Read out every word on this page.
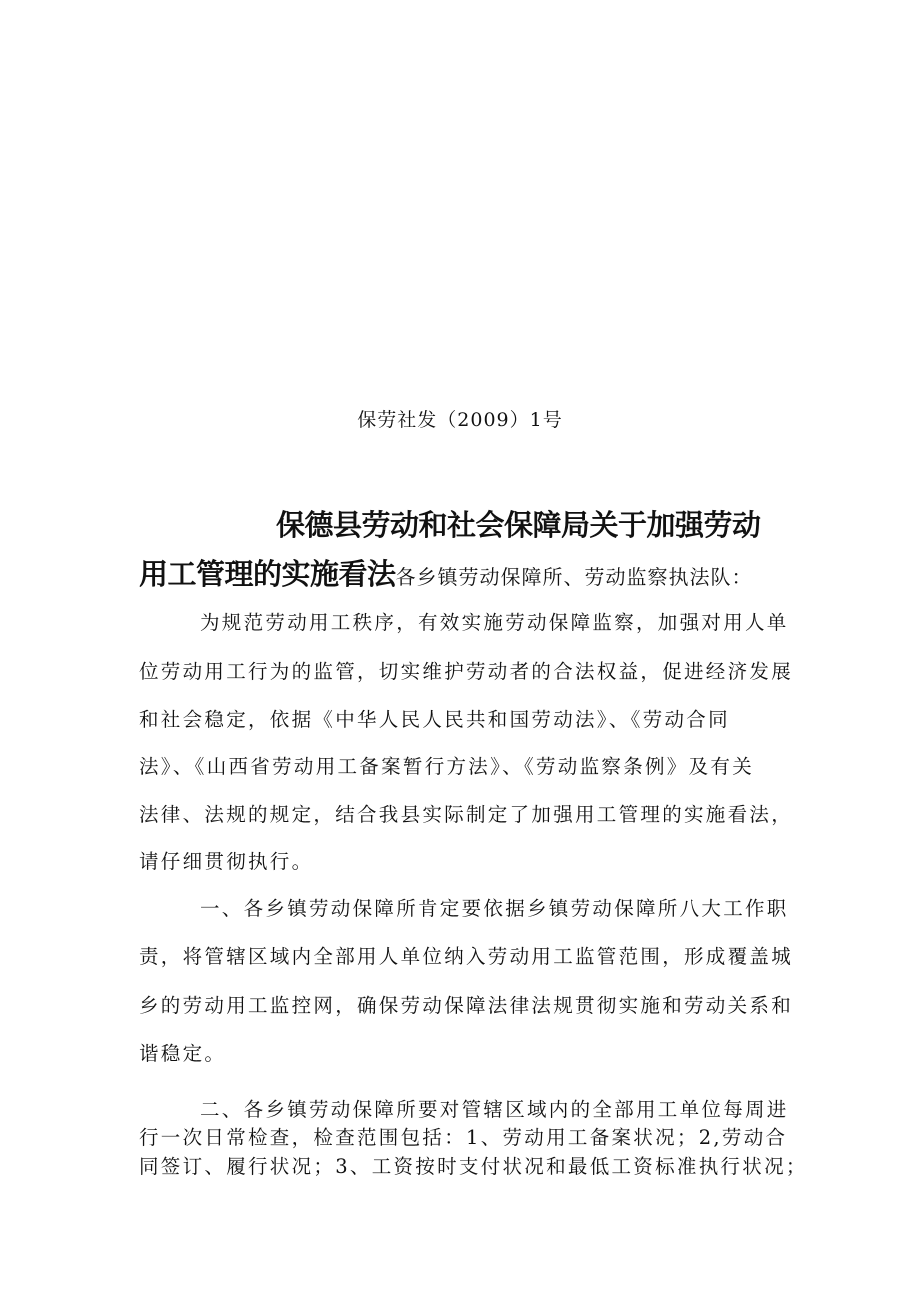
保劳社发（2009）1号
保德县劳动和社会保障局关于加强劳动
用工管理的实施看法各乡镇劳动保障所、劳动监察执法队：
为规范劳动用工秩序，有效实施劳动保障监察，加强对用人单
位劳动用工行为的监管，切实维护劳动者的合法权益，促进经济发展
和社会稳定，依据《中华人民人民共和国劳动法》、《劳动合同
法》、《山西省劳动用工备案暂行方法》、《劳动监察条例》及有关
法律、法规的规定，结合我县实际制定了加强用工管理的实施看法，
请仔细贯彻执行。
一、各乡镇劳动保障所肯定要依据乡镇劳动保障所八大工作职
责，将管辖区域内全部用人单位纳入劳动用工监管范围，形成覆盖城
乡的劳动用工监控网，确保劳动保障法律法规贯彻实施和劳动关系和
谐稳定。
二、各乡镇劳动保障所要对管辖区域内的全部用工单位每周进
行一次日常检查，检查范围包括：1、劳动用工备案状况；2,劳动合
同签订、履行状况；3、工资按时支付状况和最低工资标准执行状况；
